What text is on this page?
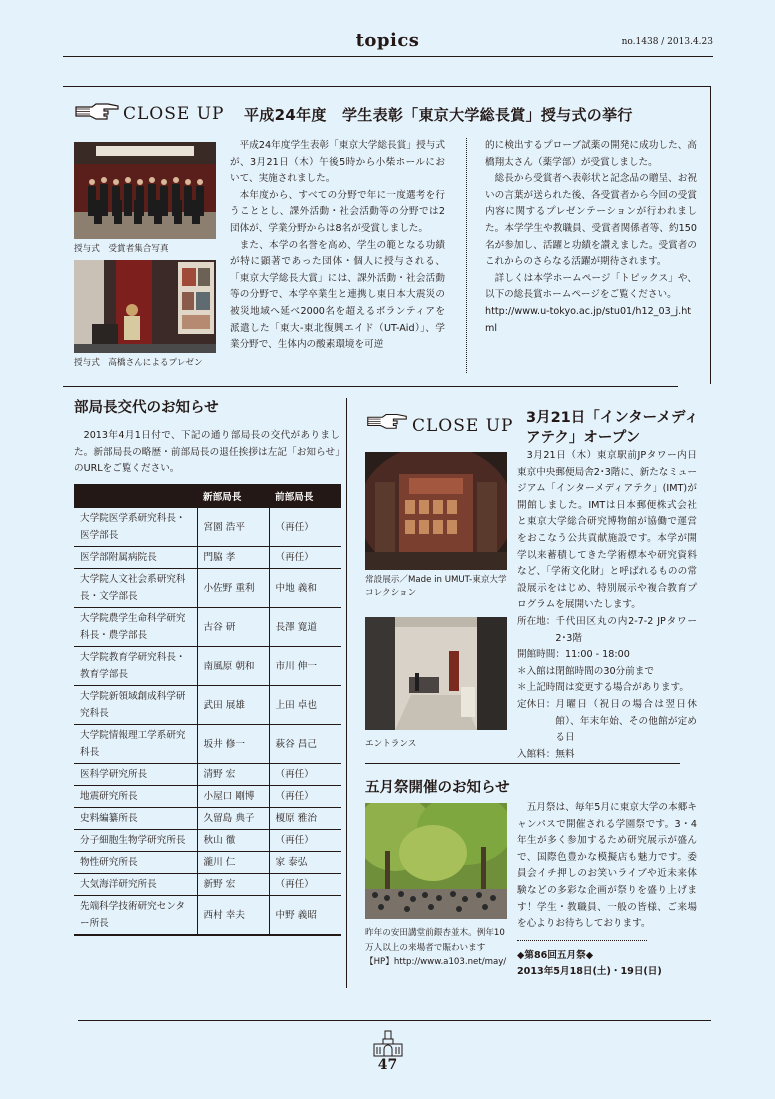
topics	no.1438 / 2013.4.23
CLOSE UP 平成24年度　学生表彰「東京大学総長賞」授与式の挙行
授与式　受賞者集合写真
授与式　高橋さんによるプレゼン

平成24年度学生表彰「東京大学総長賞」授与式が、3月21日（木）午後5時から小柴ホールにおいて、実施されました。

本年度から、すべての分野で年に一度選考を行うこととし、課外活動・社会活動等の分野では2団体が、学業分野からは8名が受賞しました。

また、本学の名誉を高め、学生の範となる功績が特に顕著であった団体・個人に授与される、「東京大学総長大賞」には、課外活動・社会活動等の分野で、本学卒業生と連携し東日本大震災の被災地域へ延べ2000名を超えるボランティアを派遣した「東大-東北復興エイド（UT-Aid）」、学業分野で、生体内の酸素環境を可逆

的に検出するプローブ試薬の開発に成功した、高橋翔太さん（薬学部）が受賞しました。

総長から受賞者へ表彰状と記念品の贈呈、お祝いの言葉が送られた後、各受賞者から今回の受賞内容に関するプレゼンテーションが行われました。本学学生や教職員、受賞者関係者等、約150名が参加し、活躍と功績を讃えました。受賞者のこれからのさらなる活躍が期待されます。

詳しくは本学ホームページ「トピックス」や、以下の総長賞ホームページをご覧ください。

http://www.u-tokyo.ac.jp/stu01/h12_03_j.html

部局長交代のお知らせ
2013年4月1日付で、下記の通り部局長の交代がありました。新部局長の略歴・前部局長の退任挨拶は左記「お知らせ」のURLをご覧ください。
	新部局長	前部局長
大学院医学系研究科長・医学部長	宮園 浩平	（再任）
医学部附属病院長	門脇 孝	（再任）
大学院人文社会系研究科長・文学部長	小佐野 重利	中地 義和
大学院農学生命科学研究科長・農学部長	古谷 研	長澤 寛道
大学院教育学研究科長・教育学部長	南風原 朝和	市川 伸一
大学院新領域創成科学研究科長	武田 展雄	上田 卓也
大学院情報理工学系研究科長	坂井 修一	萩谷 昌己
医科学研究所長	清野 宏	（再任）
地震研究所長	小屋口 剛博	（再任）
史料編纂所長	久留島 典子	榎原 雅治
分子細胞生物学研究所長	秋山 徹	（再任）
物性研究所長	瀧川 仁	家 泰弘
大気海洋研究所長	新野 宏	（再任）
先端科学技術研究センター所長	西村 幸夫	中野 義昭
CLOSE UP 3月21日「インターメディ
アテク」オープン
常設展示／Made in UMUT-東京大学コレクション
エントランス

3月21日（木）東京駅前JPタワー内日東京中央郵便局舎2･3階に、新たなミュージアム「インターメディアテク」(IMT)が開館しました。IMTは日本郵便株式会社と東京大学総合研究博物館が協働で運営をおこなう公共貢献施設です。本学が開学以来蓄積してきた学術標本や研究資料など、「学術文化財」と呼ばれるものの常設展示をはじめ、特別展示や複合教育プログラムを展開いたします。

所在地： 千代田区丸の内2-7-2 JPタワー2･3階
開館時間： 11:00 - 18:00
＊入館は閉館時間の30分前まで
＊上記時間は変更する場合があります。
定休日： 月曜日（祝日の場合は翌日休館）、年末年始、その他館が定める日
入館料： 無料
五月祭開催のお知らせ
昨年の安田講堂前銀杏並木。例年10万人以上の来場者で賑わいます【HP】http://www.a103.net/may/
五月祭は、毎年5月に東京大学の本郷キャンパスで開催される学園祭です。3・4年生が多く参加するため研究展示が盛んで、国際色豊かな模擬店も魅力です。委員会イチ押しのお笑いライブや近未来体験などの多彩な企画が祭りを盛り上げます！学生・教職員、一般の皆様、ご来場を心よりお待ちしております。
◆第86回五月祭◆
2013年5月18日(土)・19日(日)
47
